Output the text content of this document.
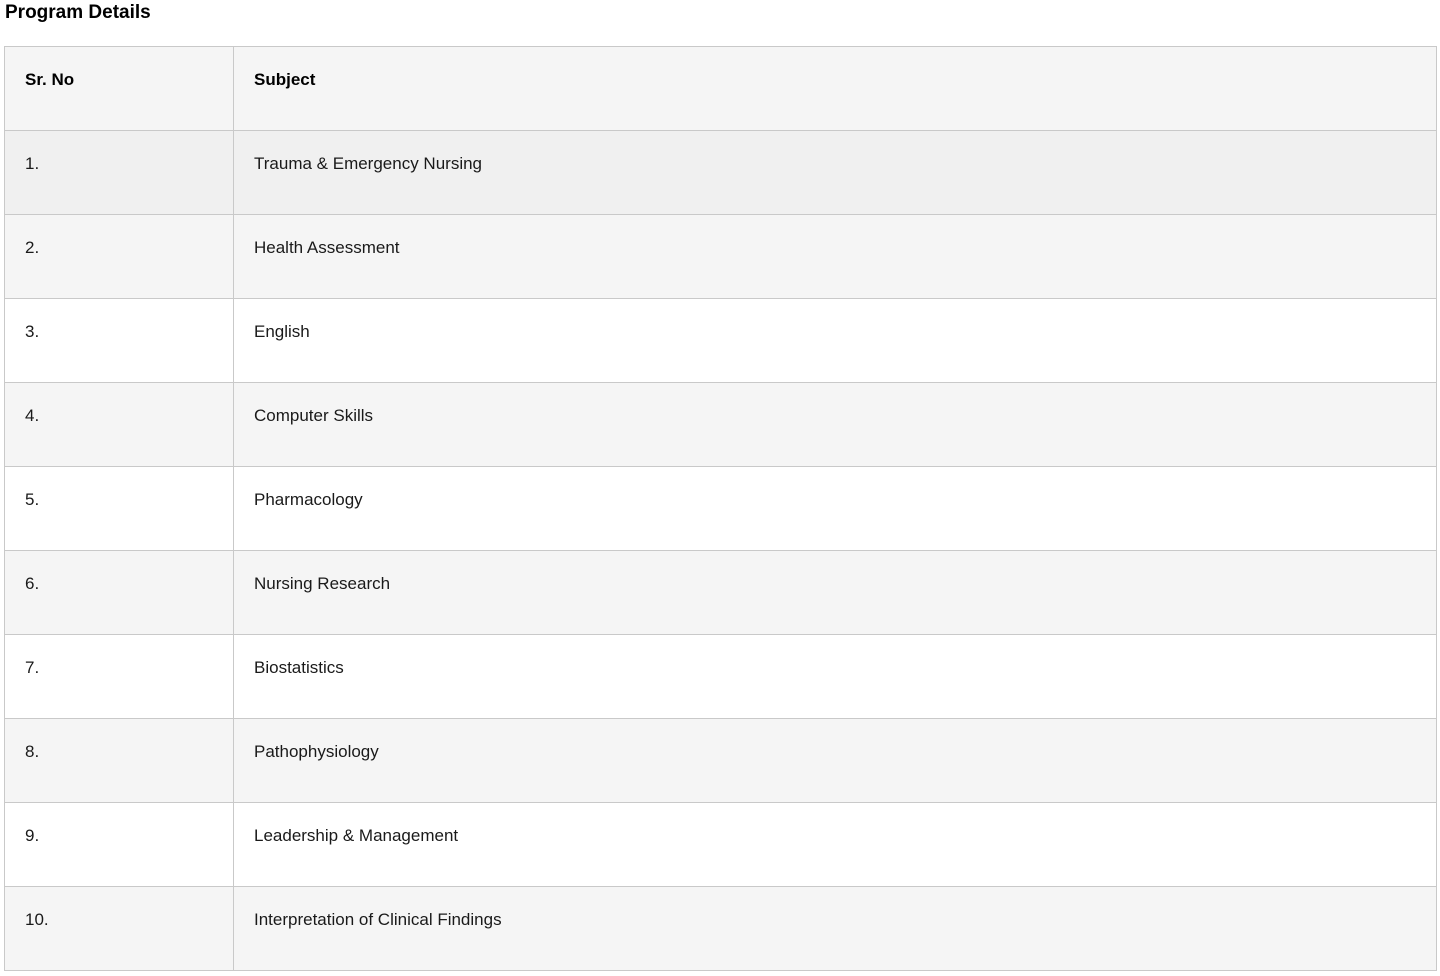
Program Details
Sr. No	Subject

1.	Trauma & Emergency Nursing

2.	Health Assessment

3.	English

4.	Computer Skills

5.	Pharmacology

6.	Nursing Research

7.	Biostatistics

8.	Pathophysiology

9.	Leadership & Management

10.	Interpretation of Clinical Findings
